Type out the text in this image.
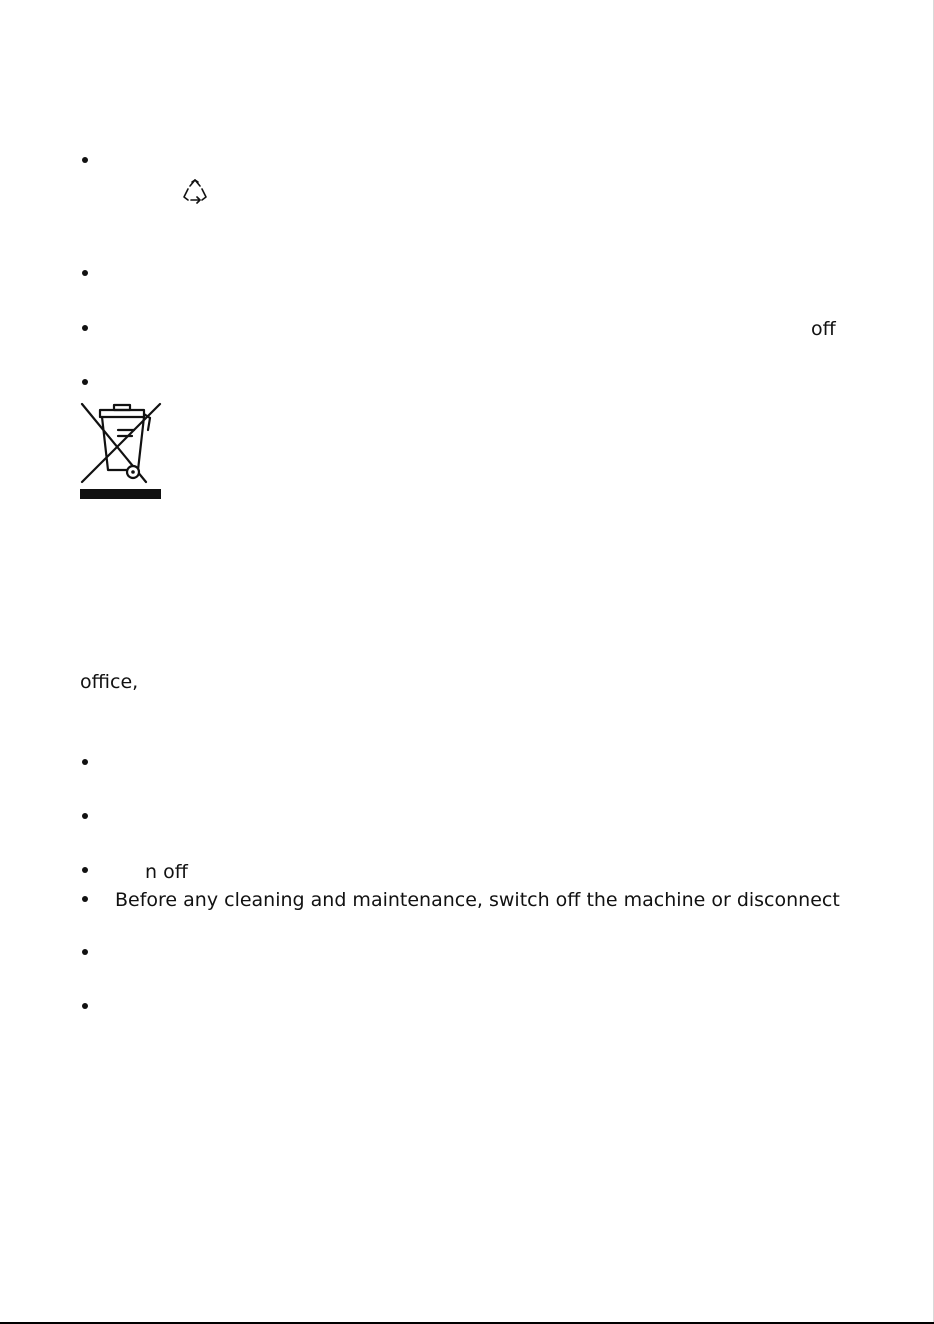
off
office,
n off
Before any cleaning and maintenance, switch off the machine or disconnect
